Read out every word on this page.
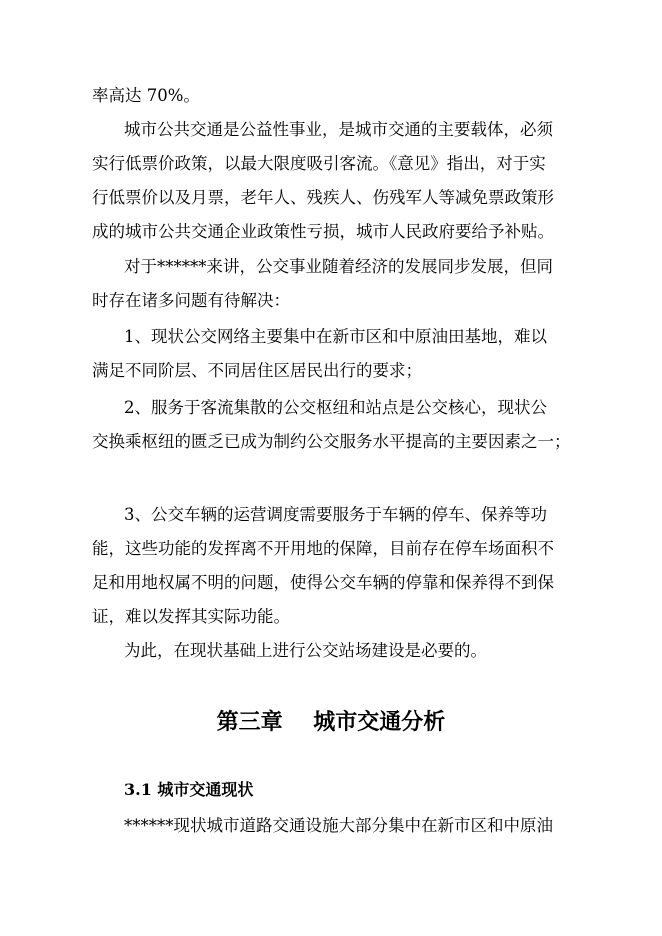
率高达 70%。
城市公共交通是公益性事业，是城市交通的主要载体，必须
实行低票价政策，以最大限度吸引客流。《意见》指出，对于实
行低票价以及月票，老年人、残疾人、伤残军人等减免票政策形
成的城市公共交通企业政策性亏损，城市人民政府要给予补贴。
对于******来讲，公交事业随着经济的发展同步发展，但同
时存在诸多问题有待解决：
1、现状公交网络主要集中在新市区和中原油田基地，难以
满足不同阶层、不同居住区居民出行的要求；
2、服务于客流集散的公交枢纽和站点是公交核心，现状公
交换乘枢纽的匮乏已成为制约公交服务水平提高的主要因素之一；
3、公交车辆的运营调度需要服务于车辆的停车、保养等功
能，这些功能的发挥离不开用地的保障，目前存在停车场面积不
足和用地权属不明的问题，使得公交车辆的停靠和保养得不到保
证，难以发挥其实际功能。
为此，在现状基础上进行公交站场建设是必要的。
第三章    城市交通分析
3.1 城市交通现状
******现状城市道路交通设施大部分集中在新市区和中原油
